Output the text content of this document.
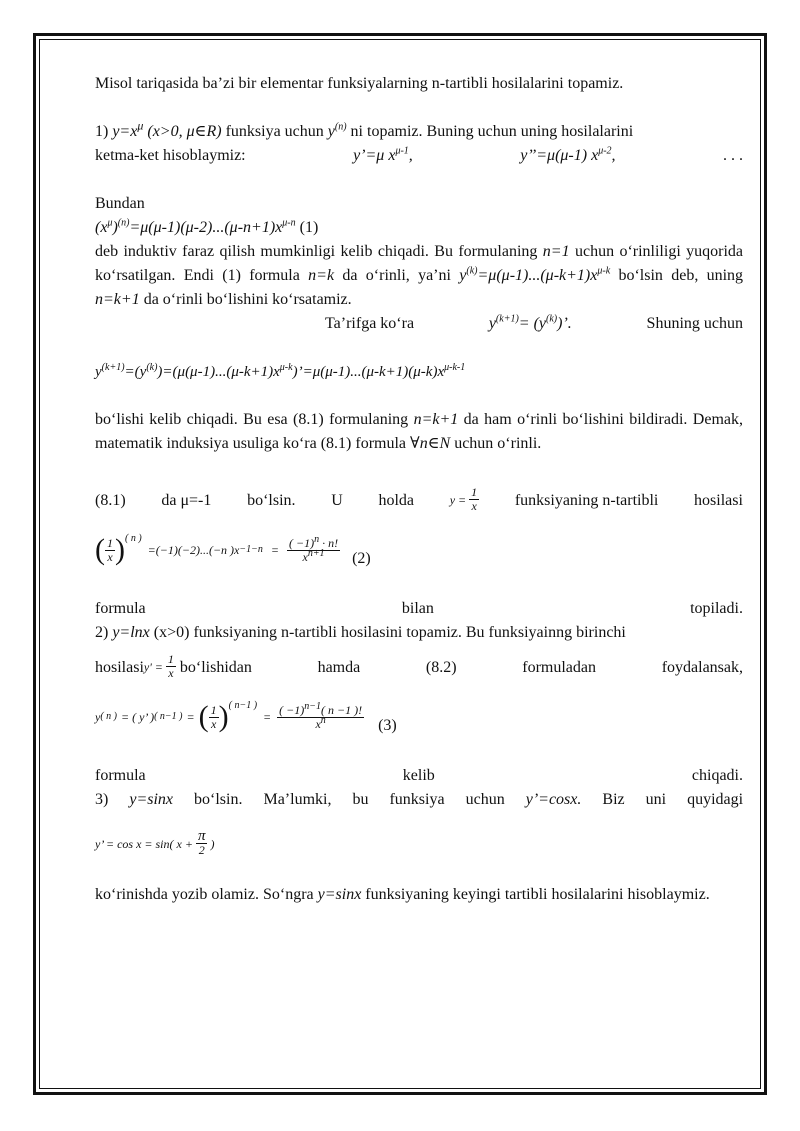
Misol tariqasida ba’zi bir elementar funksiyalarning n-tartibli hosilalarini topamiz.

1) $y=x^\mu$ (x>0, μ∈R) funksiya uchun $y^{(n)}$ ni topamiz. Buning uchun uning hosilalarini

ketma-ket hisoblaymiz:	y’=μ $x^{\mu-1}$,	y’’=μ(μ-1) $x^{\mu-2}$,	. . .

Bundan

$(x^\mu)^{(n)}=\mu(\mu-1)(\mu-2)...(\mu-n+1)x^{\mu-n}$ (1)

deb induktiv faraz qilish mumkinligi kelib chiqadi. Bu formulaning n=1 uchun o‘rinliligi yuqorida ko‘rsatilgan. Endi (1) formula n=k da o‘rinli, ya’ni $y^{(k)}=\mu(\mu-1)...(\mu-k+1)x^{\mu-k}$ bo‘lsin deb, uning n=k+1 da o‘rinli bo‘lishini ko‘rsatamiz.

Ta’rifga ko‘ra	$y^{(k+1)}= (y^{(k)})$’.	Shuning uchun

$y^{(k+1)}=(y^{(k)})=(\mu(\mu-1)...(\mu-k+1)x^{\mu-k})’=\mu(\mu-1)...(\mu-k+1)(\mu-k)x^{\mu-k-1}$

bo‘lishi kelib chiqadi. Bu esa (8.1) formulaning n=k+1 da ham o‘rinli bo‘lishini bildiradi. Demak, matematik induksiya usuliga ko‘ra (8.1) formula ∀n∈N uchun o‘rinli.

(8.1) da μ=-1 bo‘lsin. U holda	$y = \frac{1}{x}$ funksiyaning n-tartibli hosilasi
( $\frac{1}{x}$ ) ( n )
=(−1)(−2)...(−n )$x -1-n = \frac{( -1)^n \cdot n!}{x^{n+1}} (2)$
formula	bilan	topiladi.

2) y=lnx (x>0) funksiyaning n-tartibli hosilasini topamiz. Bu funksiyainng birinchi

hosilasi $y' = \frac{1}{x}$ bo‘lishidan hamda (8.2) formuladan foydalansak,
y ( n ) = ( y’ ) ( n−1 ) = ( $\frac{1}{x}$ ) ( n−1 )
= $\frac{( -1)^{n-1}( n -1 )!}{x^n} (3)$
formula	kelib	chiqadi.

3) y=sinx bo‘lsin. Ma’lumki, bu funksiya uchun y’=cosx. Biz uni quyidagi

y’ = cos x = sin( $x + \frac{\pi}{2}$ )

ko‘rinishda yozib olamiz. So‘ngra y=sinx funksiyaning keyingi tartibli hosilalarini hisoblaymiz.
